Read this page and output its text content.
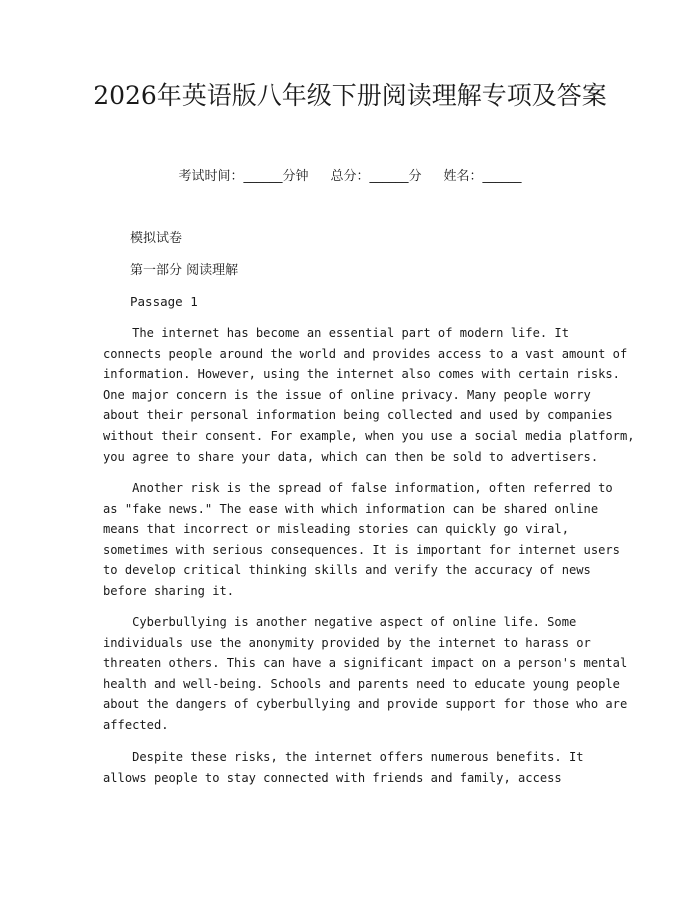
2026年英语版八年级下册阅读理解专项及答案
考试时间：______分钟 总分：______分 姓名：______
模拟试卷
第一部分 阅读理解
Passage 1
The internet has become an essential part of modern life. It
connects people around the world and provides access to a vast amount of
information. However, using the internet also comes with certain risks.
One major concern is the issue of online privacy. Many people worry
about their personal information being collected and used by companies
without their consent. For example, when you use a social media platform,
you agree to share your data, which can then be sold to advertisers.
Another risk is the spread of false information, often referred to
as "fake news." The ease with which information can be shared online
means that incorrect or misleading stories can quickly go viral,
sometimes with serious consequences. It is important for internet users
to develop critical thinking skills and verify the accuracy of news
before sharing it.
Cyberbullying is another negative aspect of online life. Some
individuals use the anonymity provided by the internet to harass or
threaten others. This can have a significant impact on a person's mental
health and well-being. Schools and parents need to educate young people
about the dangers of cyberbullying and provide support for those who are
affected.
Despite these risks, the internet offers numerous benefits. It
allows people to stay connected with friends and family, access
